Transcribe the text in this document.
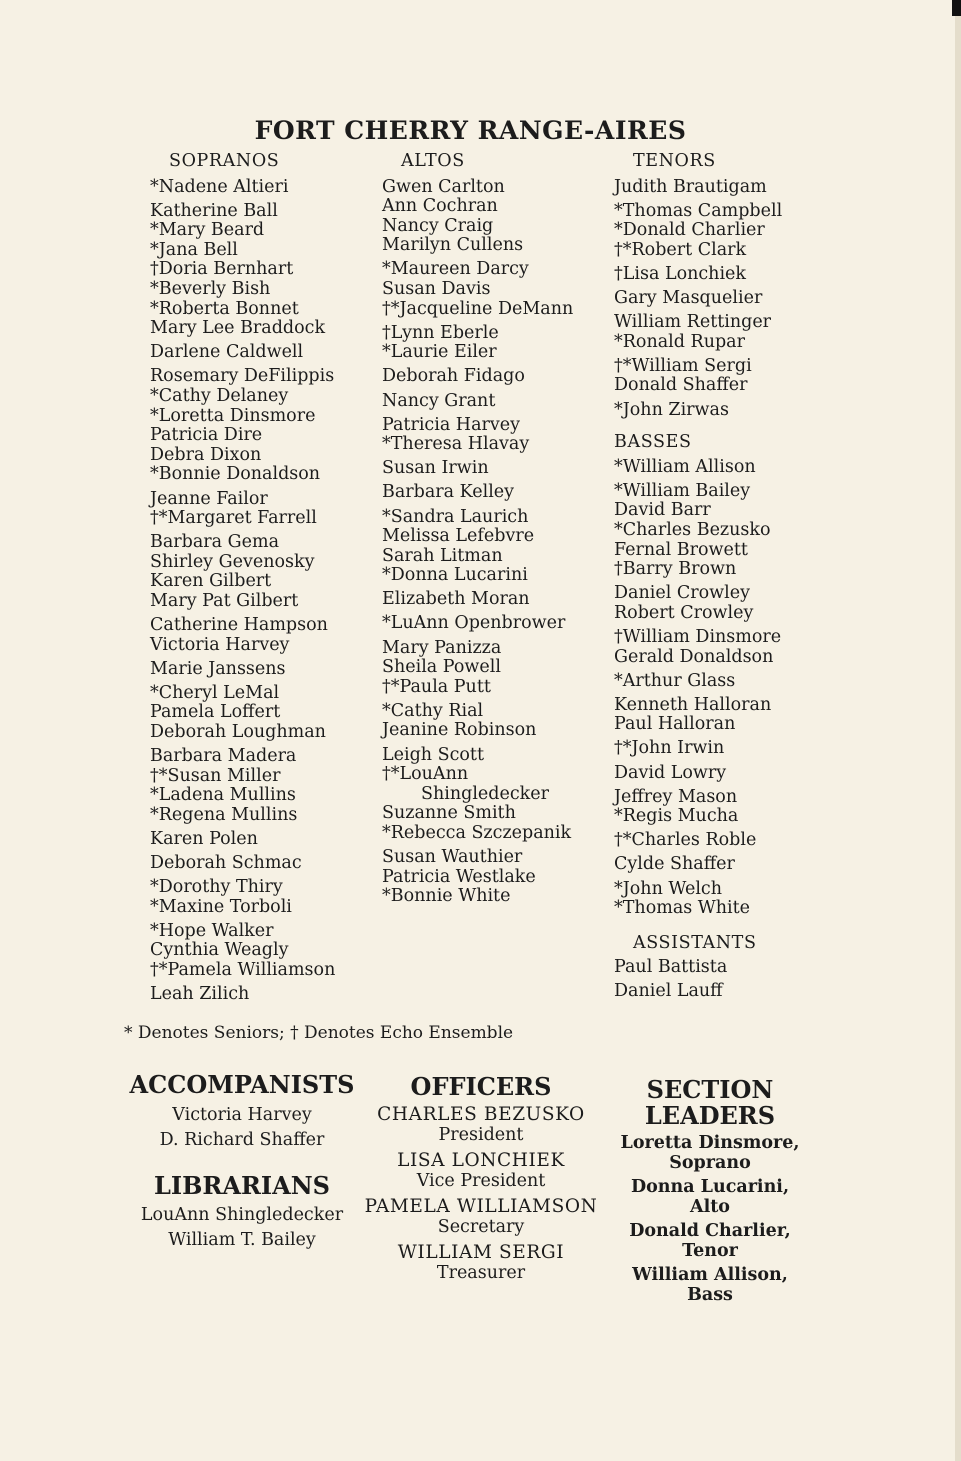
FORT CHERRY RANGE-AIRES
SOPRANOS
*Nadene Altieri
Katherine Ball
*Mary Beard
*Jana Bell
†Doria Bernhart
*Beverly Bish
*Roberta Bonnet
Mary Lee Braddock
Darlene Caldwell
Rosemary DeFilippis
*Cathy Delaney
*Loretta Dinsmore
Patricia Dire
Debra Dixon
*Bonnie Donaldson
Jeanne Failor
†*Margaret Farrell
Barbara Gema
Shirley Gevenosky
Karen Gilbert
Mary Pat Gilbert
Catherine Hampson
Victoria Harvey
Marie Janssens
*Cheryl LeMal
Pamela Loffert
Deborah Loughman
Barbara Madera
†*Susan Miller
*Ladena Mullins
*Regena Mullins
Karen Polen
Deborah Schmac
*Dorothy Thiry
*Maxine Torboli
*Hope Walker
Cynthia Weagly
†*Pamela Williamson
Leah Zilich
ALTOS
Gwen Carlton
Ann Cochran
Nancy Craig
Marilyn Cullens
*Maureen Darcy
Susan Davis
†*Jacqueline DeMann
†Lynn Eberle
*Laurie Eiler
Deborah Fidago
Nancy Grant
Patricia Harvey
*Theresa Hlavay
Susan Irwin
Barbara Kelley
*Sandra Laurich
Melissa Lefebvre
Sarah Litman
*Donna Lucarini
Elizabeth Moran
*LuAnn Openbrower
Mary Panizza
Sheila Powell
†*Paula Putt
*Cathy Rial
Jeanine Robinson
Leigh Scott
†*LouAnn
Shingledecker
Suzanne Smith
*Rebecca Szczepanik
Susan Wauthier
Patricia Westlake
*Bonnie White
TENORS
Judith Brautigam
*Thomas Campbell
*Donald Charlier
†*Robert Clark
†Lisa Lonchiek
Gary Masquelier
William Rettinger
*Ronald Rupar
†*William Sergi
Donald Shaffer
*John Zirwas
BASSES
*William Allison
*William Bailey
David Barr
*Charles Bezusko
Fernal Browett
†Barry Brown
Daniel Crowley
Robert Crowley
†William Dinsmore
Gerald Donaldson
*Arthur Glass
Kenneth Halloran
Paul Halloran
†*John Irwin
David Lowry
Jeffrey Mason
*Regis Mucha
†*Charles Roble
Cylde Shaffer
*John Welch
*Thomas White
ASSISTANTS
Paul Battista
Daniel Lauff
* Denotes Seniors; † Denotes Echo Ensemble
ACCOMPANISTS
Victoria Harvey
D. Richard Shaffer
LIBRARIANS
LouAnn Shingledecker
William T. Bailey
OFFICERS
CHARLES BEZUSKO
President
LISA LONCHIEK
Vice President
PAMELA WILLIAMSON
Secretary
WILLIAM SERGI
Treasurer
SECTION
LEADERS
Loretta Dinsmore,
Soprano
Donna Lucarini,
Alto
Donald Charlier,
Tenor
William Allison,
Bass
